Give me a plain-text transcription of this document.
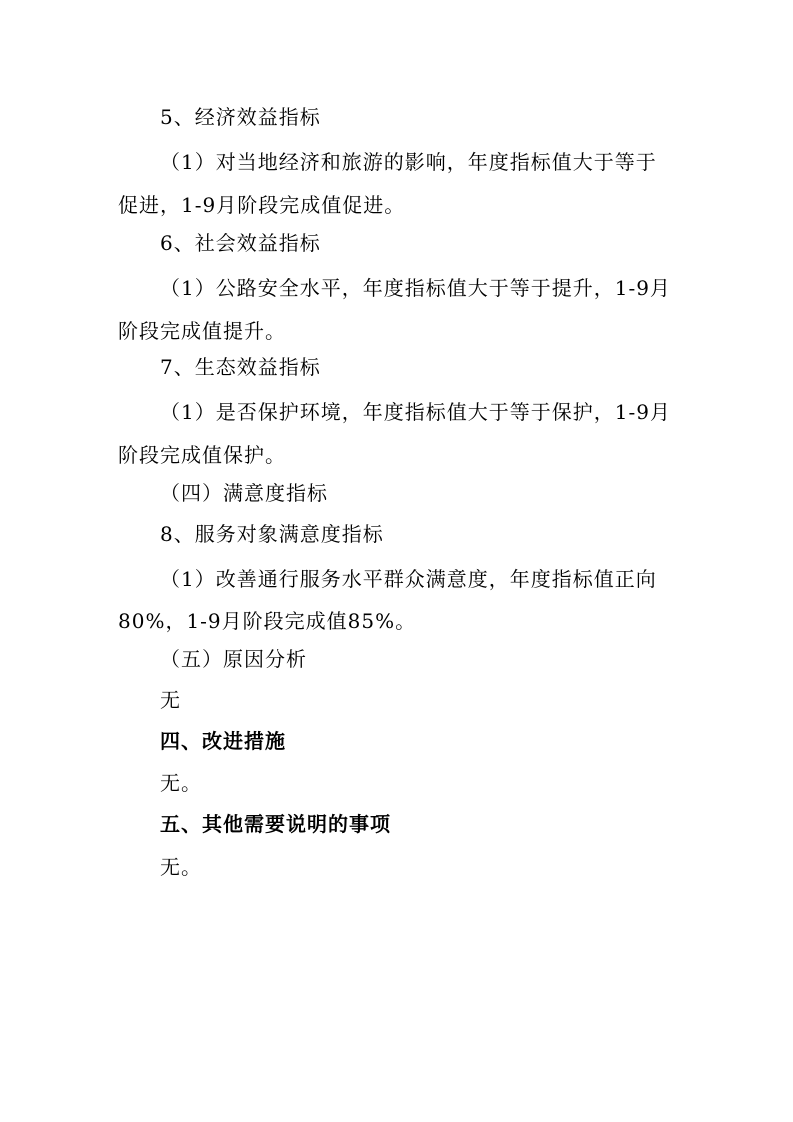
5、经济效益指标
（1）对当地经济和旅游的影响，年度指标值大于等于
促进，1-9月阶段完成值促进。
6、社会效益指标
（1）公路安全水平，年度指标值大于等于提升，1-9月
阶段完成值提升。
7、生态效益指标
（1）是否保护环境，年度指标值大于等于保护，1-9月
阶段完成值保护。
（四）满意度指标
8、服务对象满意度指标
（1）改善通行服务水平群众满意度，年度指标值正向
80%，1-9月阶段完成值85%。
（五）原因分析
无
四、改进措施
无。
五、其他需要说明的事项
无。
